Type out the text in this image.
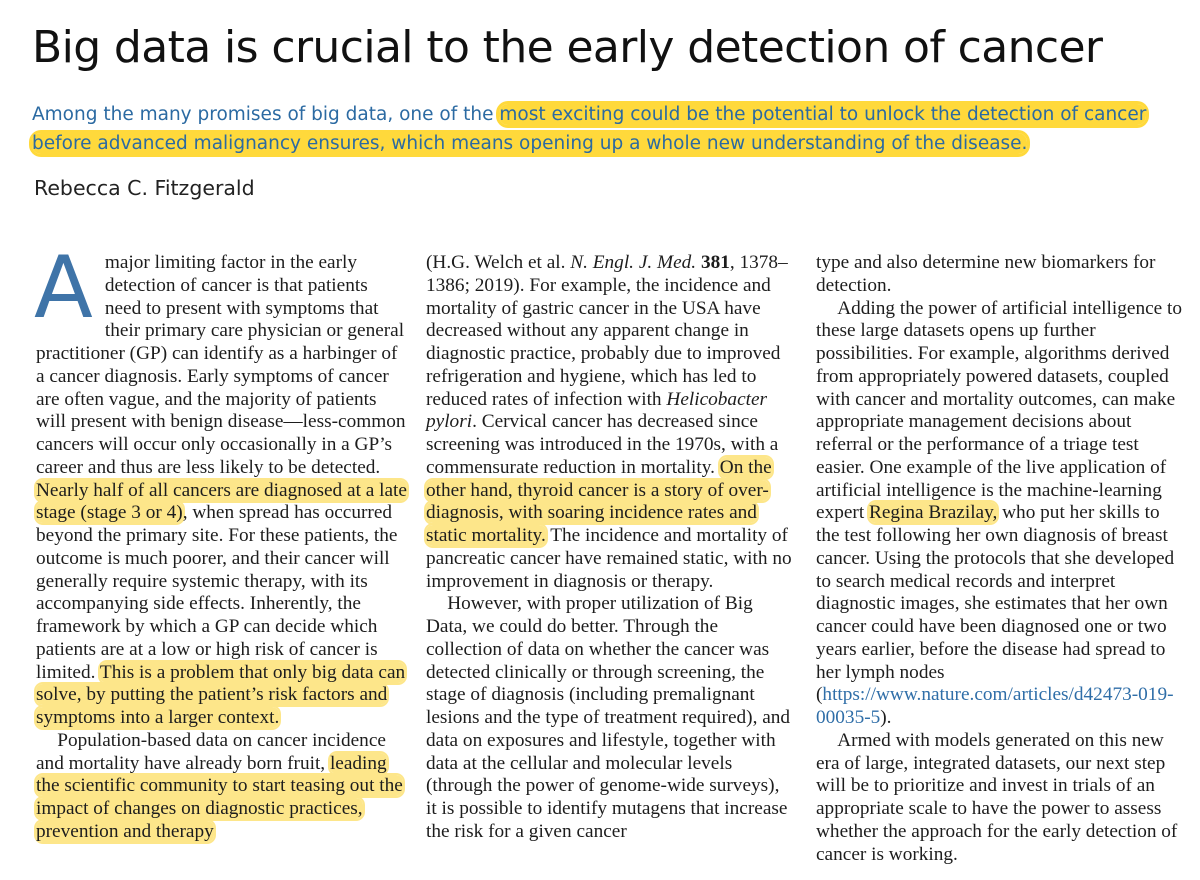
Big data is crucial to the early detection of cancer

Among the many promises of big data, one of the most exciting could be the potential to unlock the detection of cancer before advanced malignancy ensures, which means opening up a whole new understanding of the disease.

Rebecca C. Fitzgerald

Amajor limiting factor in the early detection of cancer is that patients need to present with symptoms that their primary care physician or general practitioner (GP) can identify as a harbinger of a cancer diagnosis. Early symptoms of cancer are often vague, and the majority of patients will present with benign disease—less-common cancers will occur only occasionally in a GP’s career and thus are less likely to be detected. Nearly half of all cancers are diagnosed at a late stage (stage 3 or 4), when spread has occurred beyond the primary site. For these patients, the outcome is much poorer, and their cancer will generally require systemic therapy, with its accompanying side effects. Inherently, the framework by which a GP can decide which patients are at a low or high risk of cancer is limited. This is a problem that only big data can solve, by putting the patient’s risk factors and symptoms into a larger context.

Population-based data on cancer incidence and mortality have already born fruit, leading the scientific community to start teasing out the impact of changes on diagnostic practices, prevention and therapy

(H.G. Welch et al. N. Engl. J. Med. 381, 1378–1386; 2019). For example, the incidence and mortality of gastric cancer in the USA have decreased without any apparent change in diagnostic practice, probably due to improved refrigeration and hygiene, which has led to reduced rates of infection with Helicobacter pylori. Cervical cancer has decreased since screening was introduced in the 1970s, with a commensurate reduction in mortality. On the other hand, thyroid cancer is a story of over-diagnosis, with soaring incidence rates and static mortality. The incidence and mortality of pancreatic cancer have remained static, with no improvement in diagnosis or therapy.

However, with proper utilization of Big Data, we could do better. Through the collection of data on whether the cancer was detected clinically or through screening, the stage of diagnosis (including premalignant lesions and the type of treatment required), and data on exposures and lifestyle, together with data at the cellular and molecular levels (through the power of genome-wide surveys), it is possible to identify mutagens that increase the risk for a given cancer

type and also determine new biomarkers for detection.

Adding the power of artificial intelligence to these large datasets opens up further possibilities. For example, algorithms derived from appropriately powered datasets, coupled with cancer and mortality outcomes, can make appropriate management decisions about referral or the performance of a triage test easier. One example of the live application of artificial intelligence is the machine-learning expert Regina Brazilay, who put her skills to the test following her own diagnosis of breast cancer. Using the protocols that she developed to search medical records and interpret diagnostic images, she estimates that her own cancer could have been diagnosed one or two years earlier, before the disease had spread to her lymph nodes (https://www.nature.com/articles/d42473-019-00035-5).

Armed with models generated on this new era of large, integrated datasets, our next step will be to prioritize and invest in trials of an appropriate scale to have the power to assess whether the approach for the early detection of cancer is working.
